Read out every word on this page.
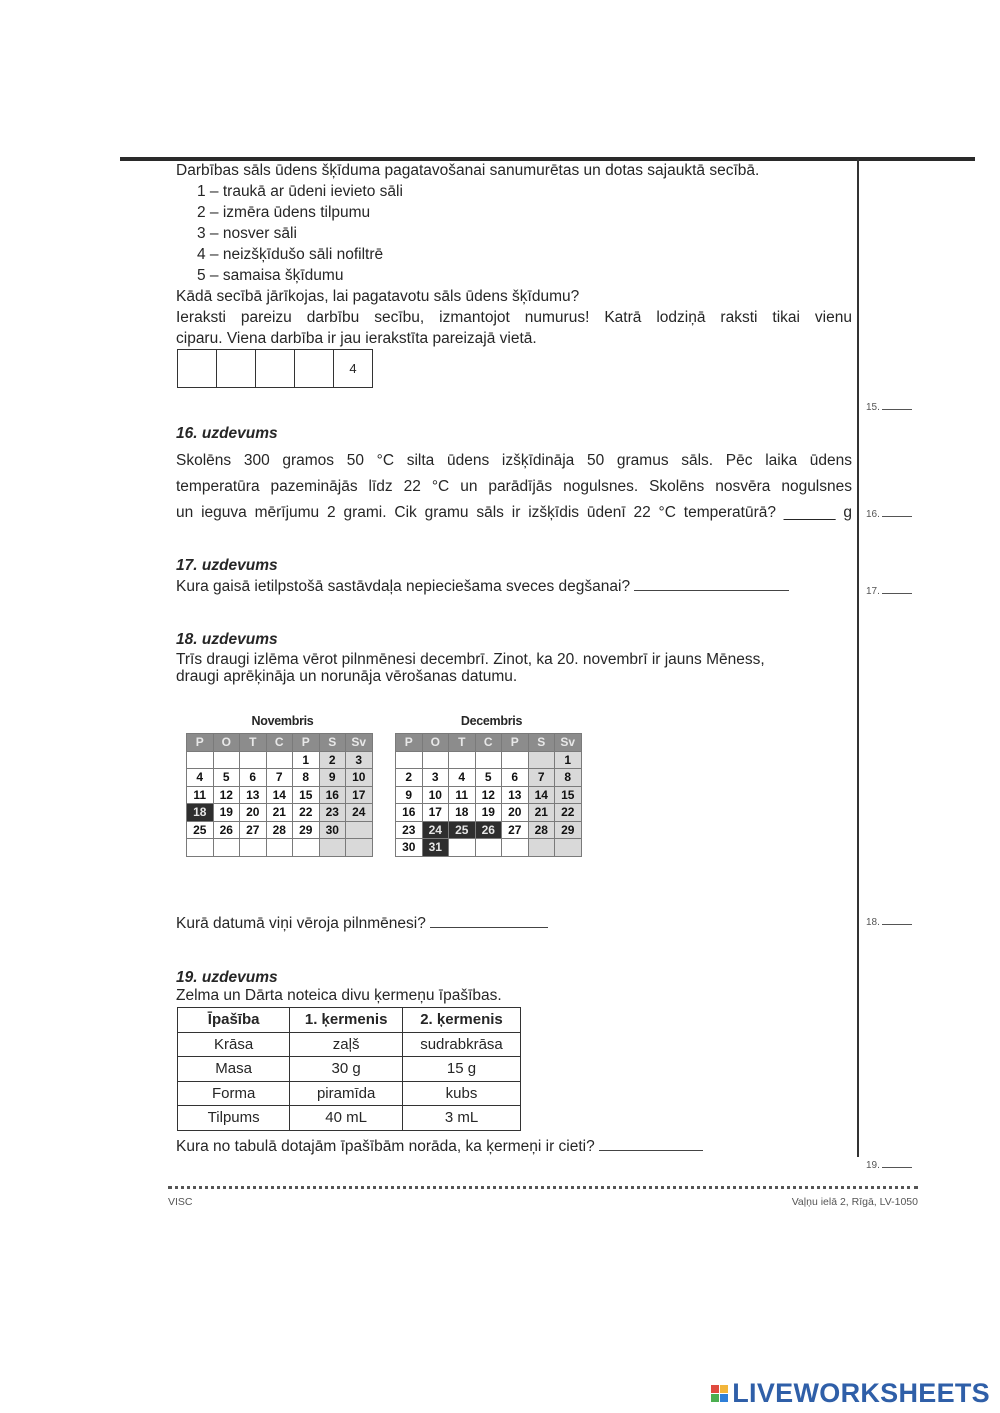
Darbības sāls ūdens šķīduma pagatavošanai sanumurētas un dotas sajauktā secībā.
1 – traukā ar ūdeni ievieto sāli
2 – izmēra ūdens tilpumu
3 – nosver sāli
4 – neizšķīdušo sāli nofiltrē
5 – samaisa šķīdumu
Kādā secībā jārīkojas, lai pagatavotu sāls ūdens šķīdumu?
Ieraksti pareizu darbību secību, izmantojot numurus! Katrā lodziņā raksti tikai vienu
ciparu. Viena darbība ir jau ierakstīta pareizajā vietā.
4
15.
16. uzdevums
Skolēns 300 gramos 50 °C silta ūdens izšķīdināja 50 gramus sāls. Pēc laika ūdens
temperatūra pazeminājās līdz 22 °C un parādījās nogulsnes. Skolēns nosvēra nogulsnes
un ieguva mērījumu 2 grami. Cik gramu sāls ir izšķīdis ūdenī 22 °C temperatūrā? ______ g 16.
17. uzdevums
Kura gaisā ietilpstošā sastāvdaļa nepieciešama sveces degšanai?	17.
18. uzdevums
Trīs draugi izlēma vērot pilnmēnesi decembrī. Zinot, ka 20. novembrī ir jauns Mēness,
draugi aprēķināja un norunāja vērošanas datumu.
Novembris
P	O	T	C	P	S	Sv
				1	2	3
4	5	6	7	8	9	10
11	12	13	14	15	16	17
18	19	20	21	22	23	24
25	26	27	28	29	30	

Decembris
P	O	T	C	P	S	Sv
						1
2	3	4	5	6	7	8
9	10	11	12	13	14	15
16	17	18	19	20	21	22
23	24	25	26	27	28	29
30	31					
Kurā datumā viņi vēroja pilnmēnesi?	18.
19. uzdevums
Zelma un Dārta noteica divu ķermeņu īpašības.
Īpašība	1. ķermenis	2. ķermenis
Krāsa	zaļš	sudrabkrāsa
Masa	30 g	15 g
Forma	piramīda	kubs
Tilpums	40 mL	3 mL
Kura no tabulā dotajām īpašībām norāda, ka ķermeņi ir cieti?
19.
VISC	Vaļņu ielā 2, Rīgā, LV-1050
LIVEWORKSHEETS
